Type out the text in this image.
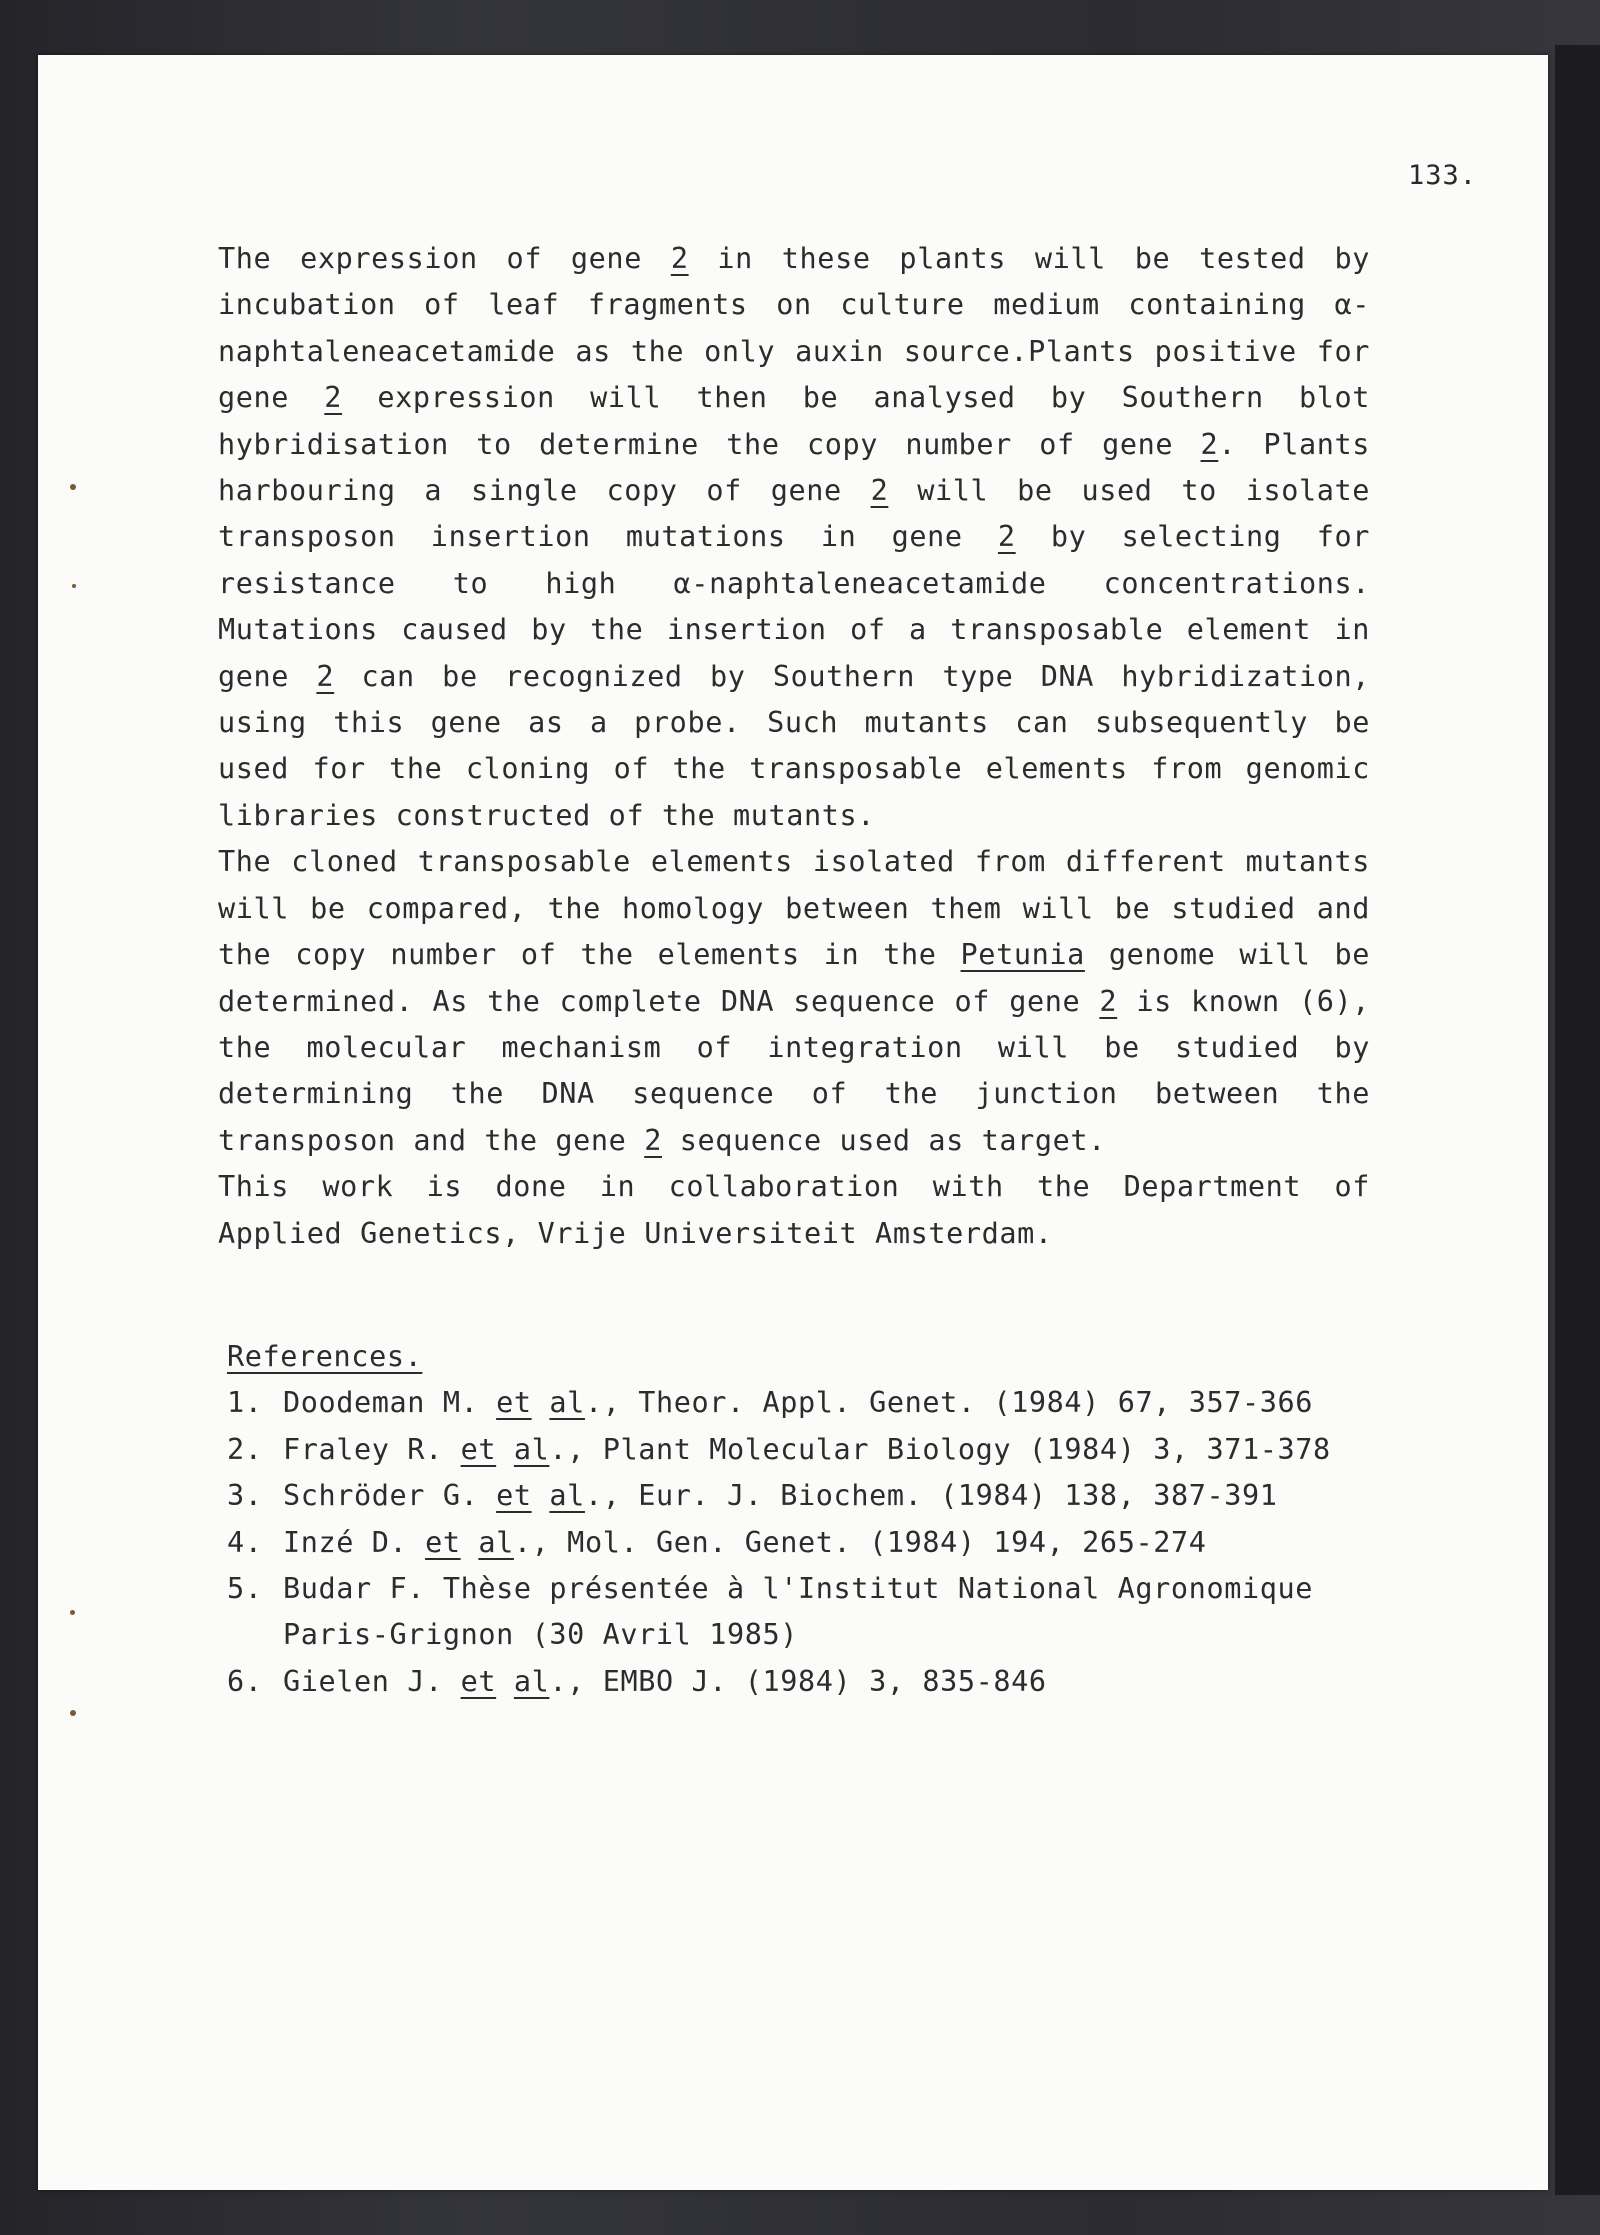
133.

The expression of gene 2 in these plants will be tested by incubation of leaf fragments on culture medium containing α-naphtaleneacetamide as the only auxin source.Plants positive for gene 2 expression will then be analysed by Southern blot hybridisation to determine the copy number of gene 2. Plants harbouring a single copy of gene 2 will be used to isolate transposon insertion mutations in gene 2 by selecting for resistance to high α-naphtaleneacetamide concentrations. Mutations caused by the insertion of a transposable element in gene 2 can be recognized by Southern type DNA hybridization, using this gene as a probe. Such mutants can subsequently be used for the cloning of the transposable elements from genomic libraries constructed of the mutants.

The cloned transposable elements isolated from different mutants will be compared, the homology between them will be studied and the copy number of the elements in the Petunia genome will be determined. As the complete DNA sequence of gene 2 is known (6), the molecular mechanism of integration will be studied by determining the DNA sequence of the junction between the transposon and the gene 2 sequence used as target.

This work is done in collaboration with the Department of Applied Genetics, Vrije Universiteit Amsterdam.

References.

1. Doodeman M. et al., Theor. Appl. Genet. (1984) 67, 357-366
2. Fraley R. et al., Plant Molecular Biology (1984) 3, 371-378
3. Schröder G. et al., Eur. J. Biochem. (1984) 138, 387-391
4. Inzé D. et al., Mol. Gen. Genet. (1984) 194, 265-274
5. Budar F. Thèse présentée à l'Institut National Agronomique Paris-Grignon (30 Avril 1985)
6. Gielen J. et al., EMBO J. (1984) 3, 835-846
